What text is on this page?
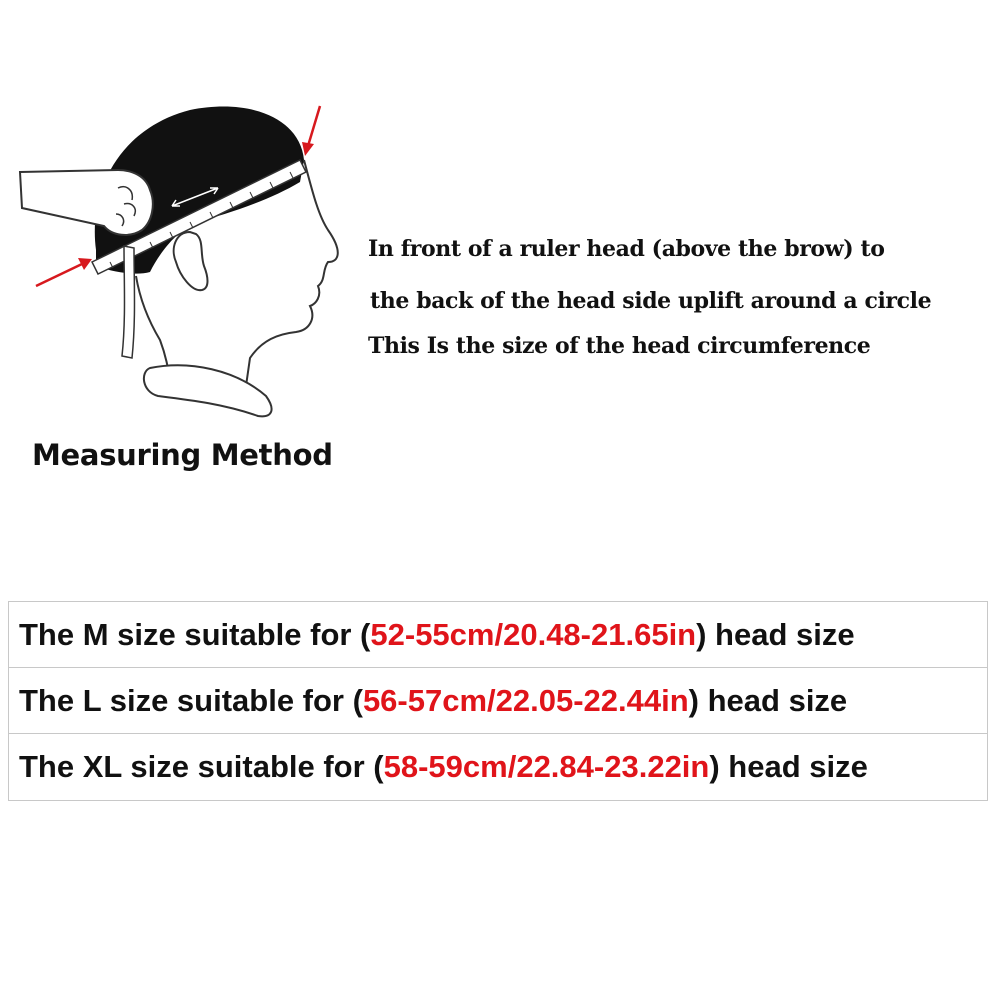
Measuring Method
In front of a ruler head (above the brow) to
the back of the head side uplift around a circle
This Is the size of the head circumference
The M size suitable for ( 52-55cm/20.48-21.65in ) head size
The L size suitable for ( 56-57cm/22.05-22.44in ) head size
The XL size suitable for ( 58-59cm/22.84-23.22in ) head size
